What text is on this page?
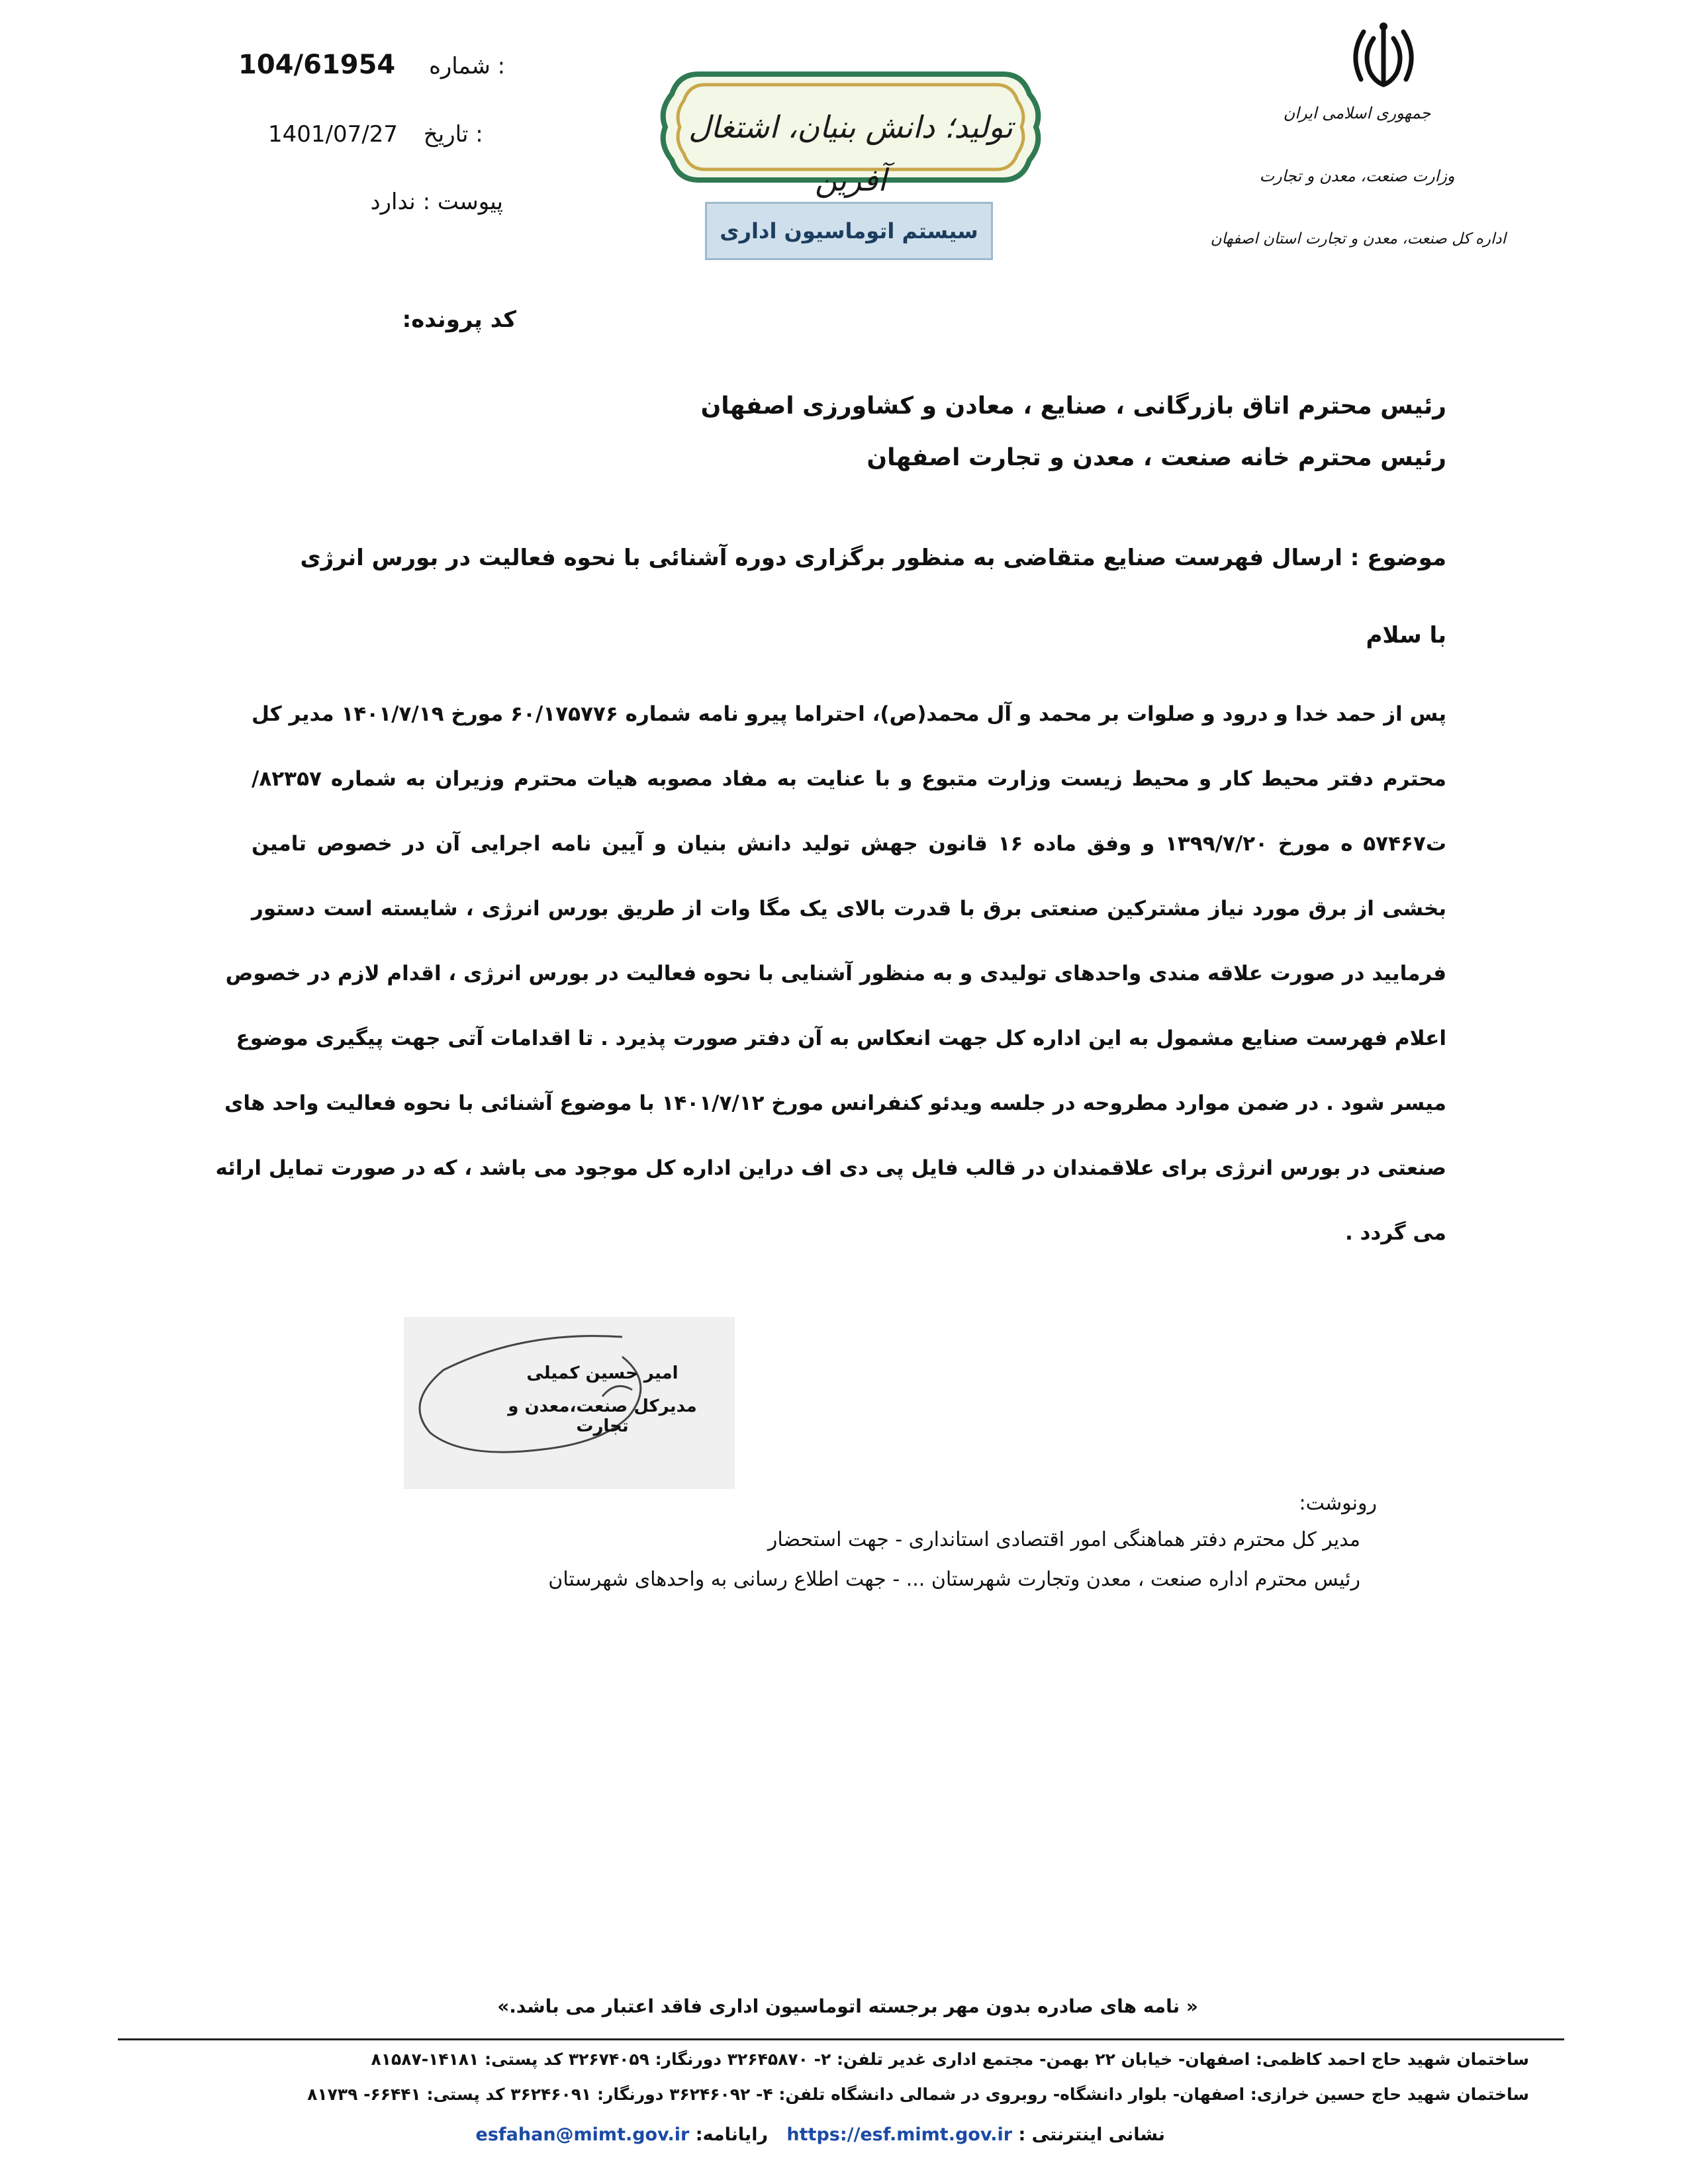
104/61954 شماره :
1401/07/27 تاریخ :
پیوست : ندارد
کد پرونده:
تولید؛ دانش بنیان، اشتغال آفرین
سیستم اتوماسیون اداری
جمهوری اسلامی ایران
وزارت صنعت، معدن و تجارت
اداره کل صنعت، معدن و تجارت استان اصفهان
رئیس محترم اتاق بازرگانی ، صنایع ، معادن و کشاورزی اصفهان
رئیس محترم خانه صنعت ، معدن و تجارت اصفهان
موضوع : ارسال فهرست صنایع متقاضی به منظور برگزاری دوره آشنائی با نحوه فعالیت در بورس انرژی
با سلام
پس از حمد خدا و درود و صلوات بر محمد و آل محمد(ص)، احتراما پیرو نامه شماره ۶۰/۱۷۵۷۷۶ مورخ ۱۴۰۱/۷/۱۹ مدیر کل
محترم دفتر محیط کار و محیط زیست وزارت متبوع و با عنایت به مفاد مصوبه هیات محترم وزیران به شماره ۸۲۳۵۷/
ت۵۷۴۶۷ ه مورخ ۱۳۹۹/۷/۲۰ و وفق ماده ۱۶ قانون جهش تولید دانش بنیان و آیین نامه اجرایی آن در خصوص تامین
بخشی از برق مورد نیاز مشترکین صنعتی برق با قدرت بالای یک مگا وات از طریق بورس انرژی ، شایسته است دستور
فرمایید در صورت علاقه مندی واحدهای تولیدی و به منظور آشنایی با نحوه فعالیت در بورس انرژی ، اقدام لازم در خصوص
اعلام فهرست صنایع مشمول به این اداره کل جهت انعکاس به آن دفتر صورت پذیرد . تا اقدامات آتی جهت پیگیری موضوع
میسر شود . در ضمن موارد مطروحه در جلسه ویدئو کنفرانس مورخ ۱۴۰۱/۷/۱۲ با موضوع آشنائی با نحوه فعالیت واحد های
صنعتی در بورس انرژی برای علاقمندان در قالب فایل پی دی اف دراین اداره کل موجود می باشد ، که در صورت تمایل ارائه
می گردد .
امیر حسین کمیلی
مدیرکل صنعت،معدن و تجارت
رونوشت:
مدیر کل محترم دفتر هماهنگی امور اقتصادی استانداری - جهت استحضار
رئیس محترم اداره صنعت ، معدن وتجارت شهرستان ... - جهت اطلاع رسانی به واحدهای شهرستان
« نامه های صادره بدون مهر برجسته اتوماسیون اداری فاقد اعتبار می باشد.»
ساختمان شهید حاج احمد کاظمی: اصفهان- خیابان ۲۲ بهمن- مجتمع اداری غدیر تلفن: ۲- ۳۲۶۴۵۸۷۰ دورنگار: ۳۲۶۷۴۰۵۹ کد پستی: ۱۴۱۸۱-۸۱۵۸۷
ساختمان شهید حاج حسین خرازی: اصفهان- بلوار دانشگاه- روبروی در شمالی دانشگاه تلفن: ۴- ۳۶۲۴۶۰۹۲ دورنگار: ۳۶۲۴۶۰۹۱ کد پستی: ۶۶۴۴۱- ۸۱۷۳۹
نشانی اینترنتی : https://esf.mimt.gov.ir
رایانامه: esfahan@mimt.gov.ir
